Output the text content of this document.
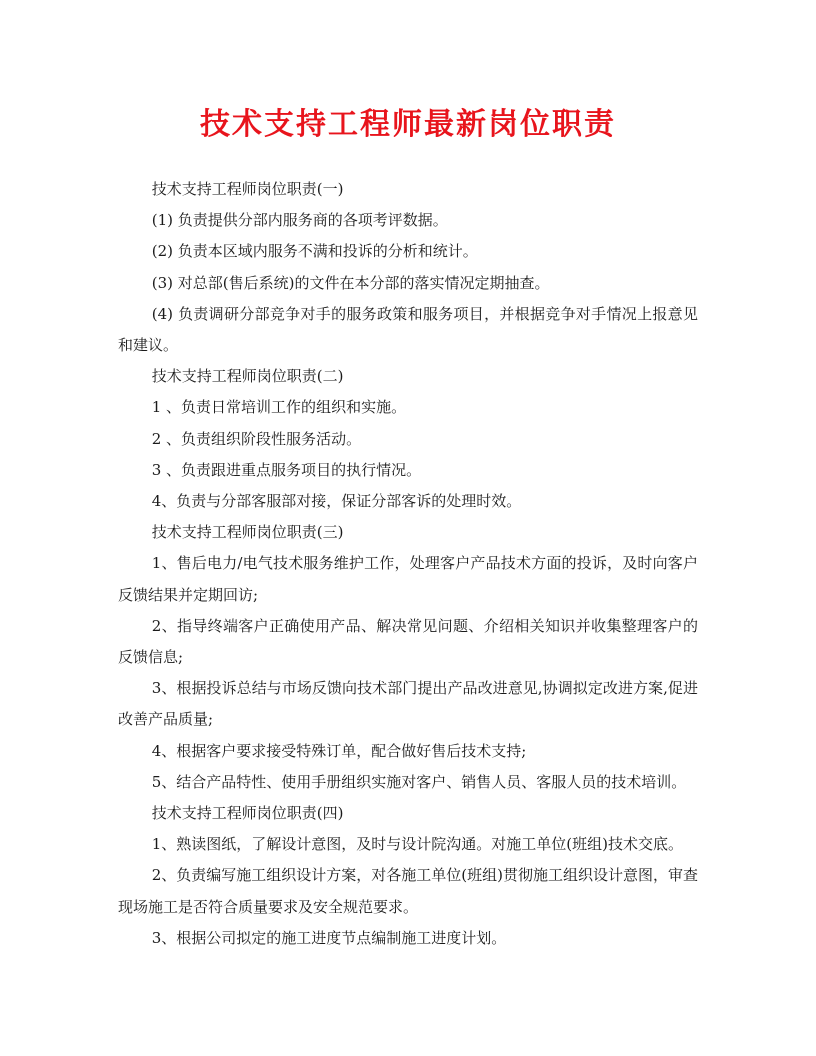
技术支持工程师最新岗位职责

技术支持工程师岗位职责(一)

(1) 负责提供分部内服务商的各项考评数据。

(2) 负责本区域内服务不满和投诉的分析和统计。

(3) 对总部(售后系统)的文件在本分部的落实情况定期抽查。

(4) 负责调研分部竞争对手的服务政策和服务项目，并根据竞争对手情况上报意见和建议。

技术支持工程师岗位职责(二)

1 、负责日常培训工作的组织和实施。

2 、负责组织阶段性服务活动。

3 、负责跟进重点服务项目的执行情况。

4、负责与分部客服部对接，保证分部客诉的处理时效。

技术支持工程师岗位职责(三)

1、售后电力/电气技术服务维护工作，处理客户产品技术方面的投诉，及时向客户反馈结果并定期回访;

2、指导终端客户正确使用产品、解决常见问题、介绍相关知识并收集整理客户的反馈信息;

3、根据投诉总结与市场反馈向技术部门提出产品改进意见,协调拟定改进方案,促进改善产品质量;

4、根据客户要求接受特殊订单，配合做好售后技术支持;

5、结合产品特性、使用手册组织实施对客户、销售人员、客服人员的技术培训。

技术支持工程师岗位职责(四)

1、熟读图纸，了解设计意图，及时与设计院沟通。对施工单位(班组)技术交底。

2、负责编写施工组织设计方案，对各施工单位(班组)贯彻施工组织设计意图，审查现场施工是否符合质量要求及安全规范要求。

3、根据公司拟定的施工进度节点编制施工进度计划。
